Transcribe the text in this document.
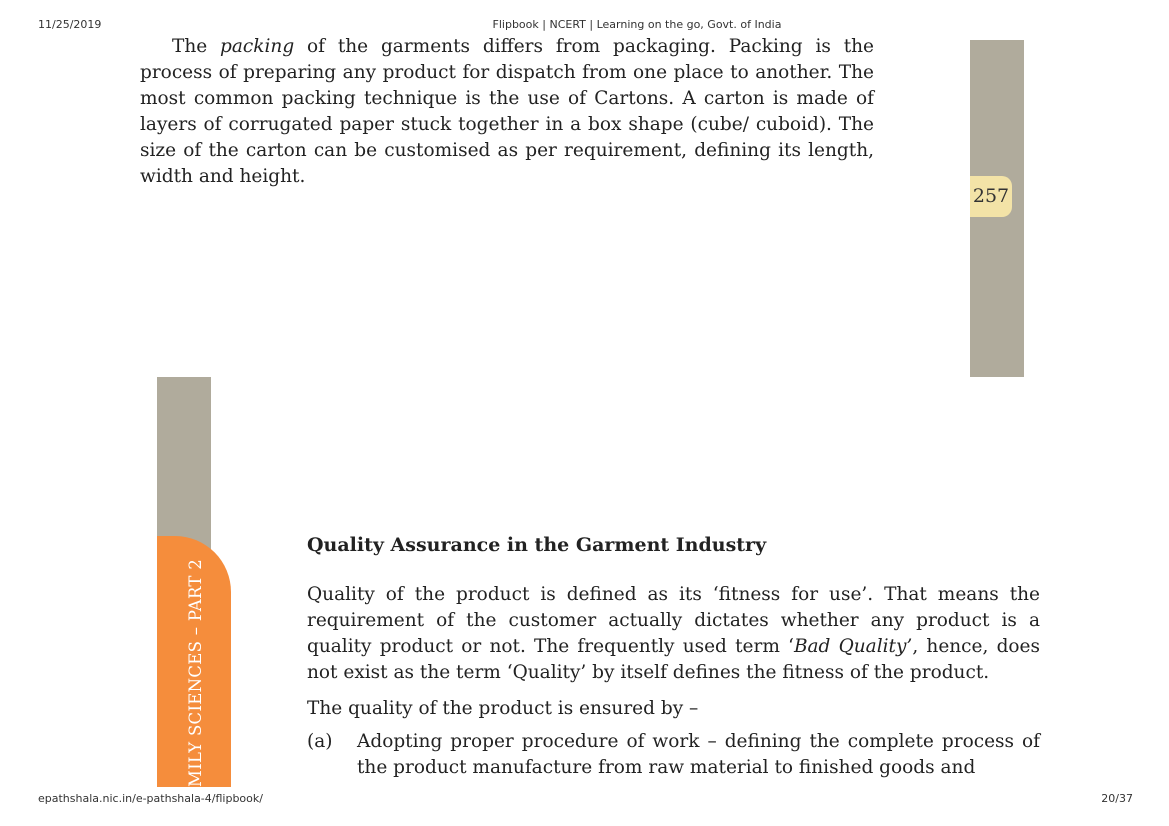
11/25/2019	Flipbook | NCERT | Learning on the go, Govt. of India

The packing of the garments differs from packaging. Packing is the process of preparing any product for dispatch from one place to another. The most common packing technique is the use of Cartons. A carton is made of layers of corrugated paper stuck together in a box shape (cube/ cuboid). The size of the carton can be customised as per requirement, defining its length, width and height.

257
MILY SCIENCES – PART 2
Quality Assurance in the Garment Industry

Quality of the product is defined as its ‘fitness for use’. That means the requirement of the customer actually dictates whether any product is a quality product or not. The frequently used term ‘Bad Quality’, hence, does not exist as the term ‘Quality’ by itself defines the fitness of the product.

The quality of the product is ensured by –

(a) Adopting proper procedure of work – defining the complete process of the product manufacture from raw material to finished goods and

epathshala.nic.in/e-pathshala-4/flipbook/	20/37
